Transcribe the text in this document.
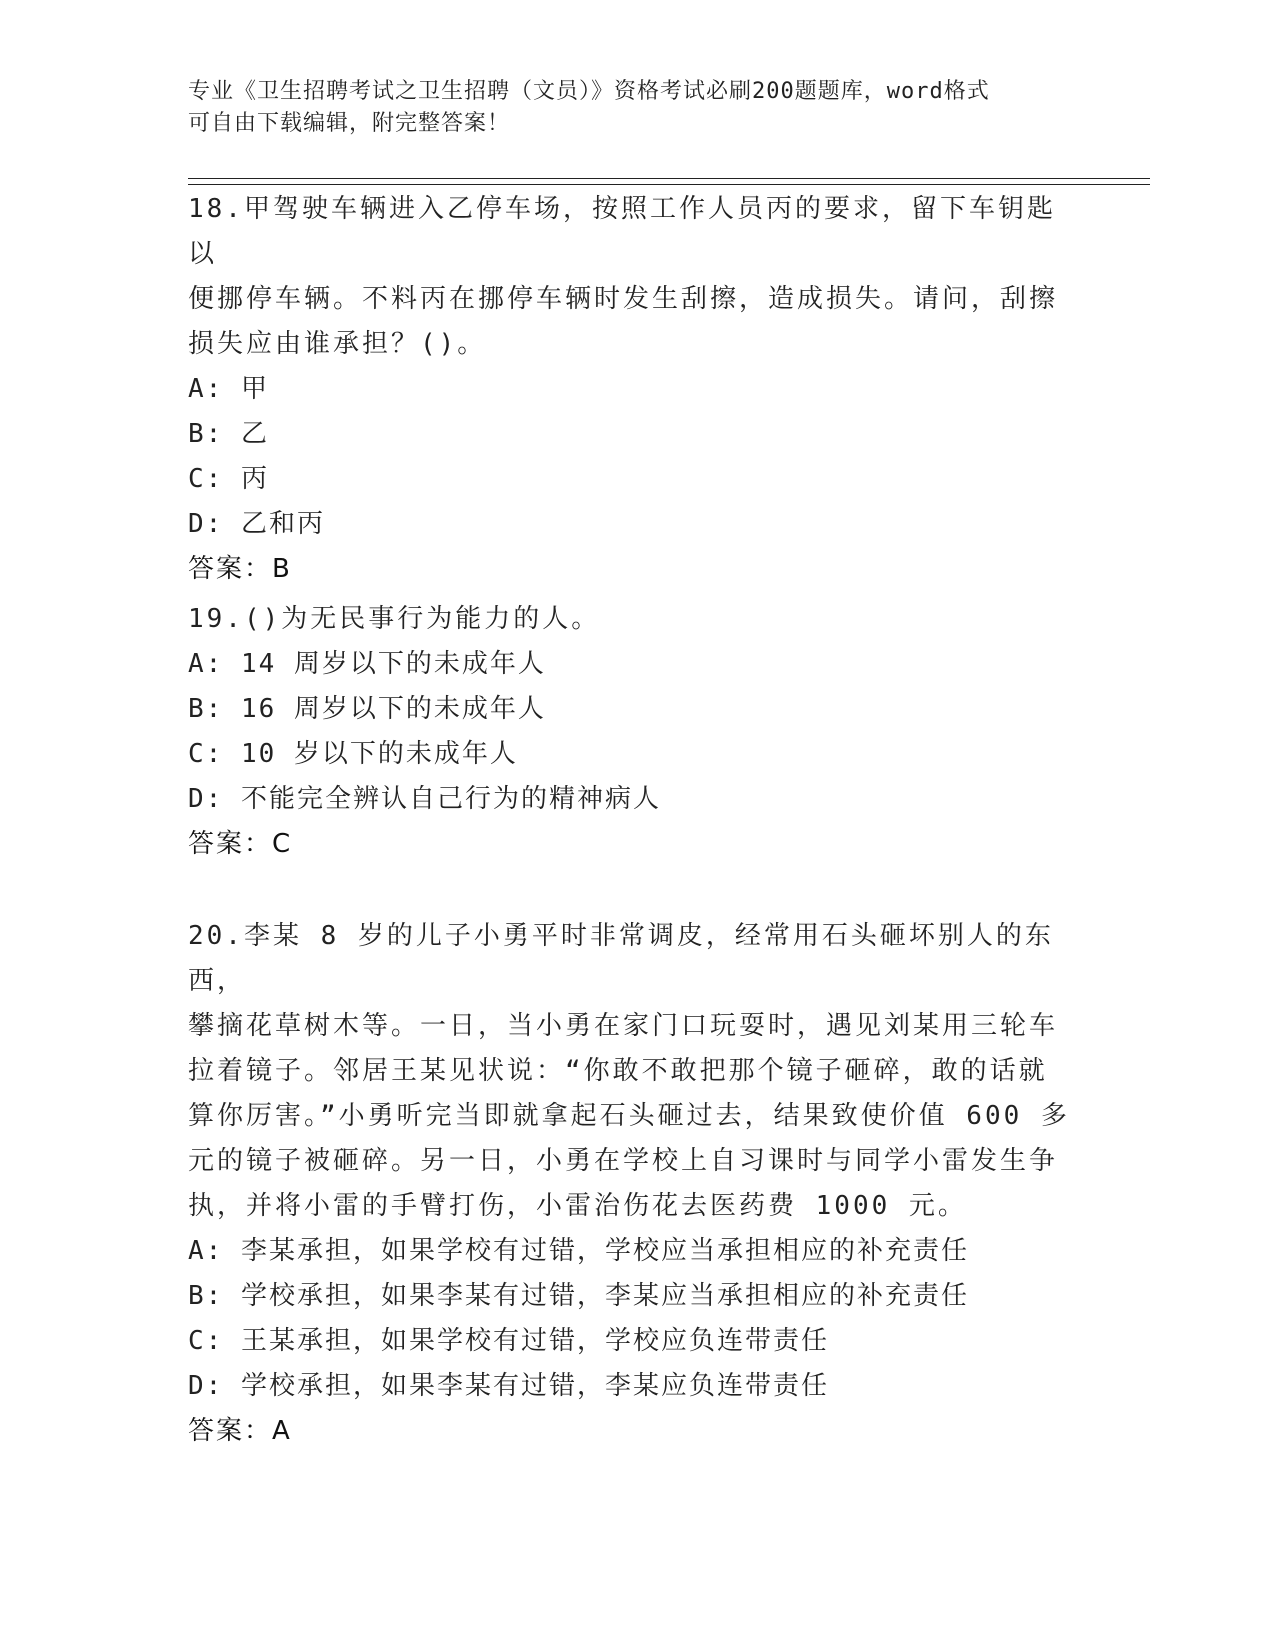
专业《卫生招聘考试之卫生招聘（文员）》资格考试必刷200题题库，word格式
可自由下载编辑，附完整答案！
18.甲驾驶车辆进入乙停车场，按照工作人员丙的要求，留下车钥匙以
便挪停车辆。不料丙在挪停车辆时发生刮擦，造成损失。请问，刮擦
损失应由谁承担？()。
A: 甲
B: 乙
C: 丙
D: 乙和丙
答案：B
19.()为无民事行为能力的人。
A: 14 周岁以下的未成年人
B: 16 周岁以下的未成年人
C: 10 岁以下的未成年人
D: 不能完全辨认自己行为的精神病人
答案：C
20.李某 8 岁的儿子小勇平时非常调皮，经常用石头砸坏别人的东西，
攀摘花草树木等。一日，当小勇在家门口玩耍时，遇见刘某用三轮车
拉着镜子。邻居王某见状说：“你敢不敢把那个镜子砸碎，敢的话就
算你厉害。”小勇听完当即就拿起石头砸过去，结果致使价值 600 多
元的镜子被砸碎。另一日，小勇在学校上自习课时与同学小雷发生争
执，并将小雷的手臂打伤，小雷治伤花去医药费 1000 元。
A: 李某承担，如果学校有过错，学校应当承担相应的补充责任
B: 学校承担，如果李某有过错，李某应当承担相应的补充责任
C: 王某承担，如果学校有过错，学校应负连带责任
D: 学校承担，如果李某有过错，李某应负连带责任
答案：A
